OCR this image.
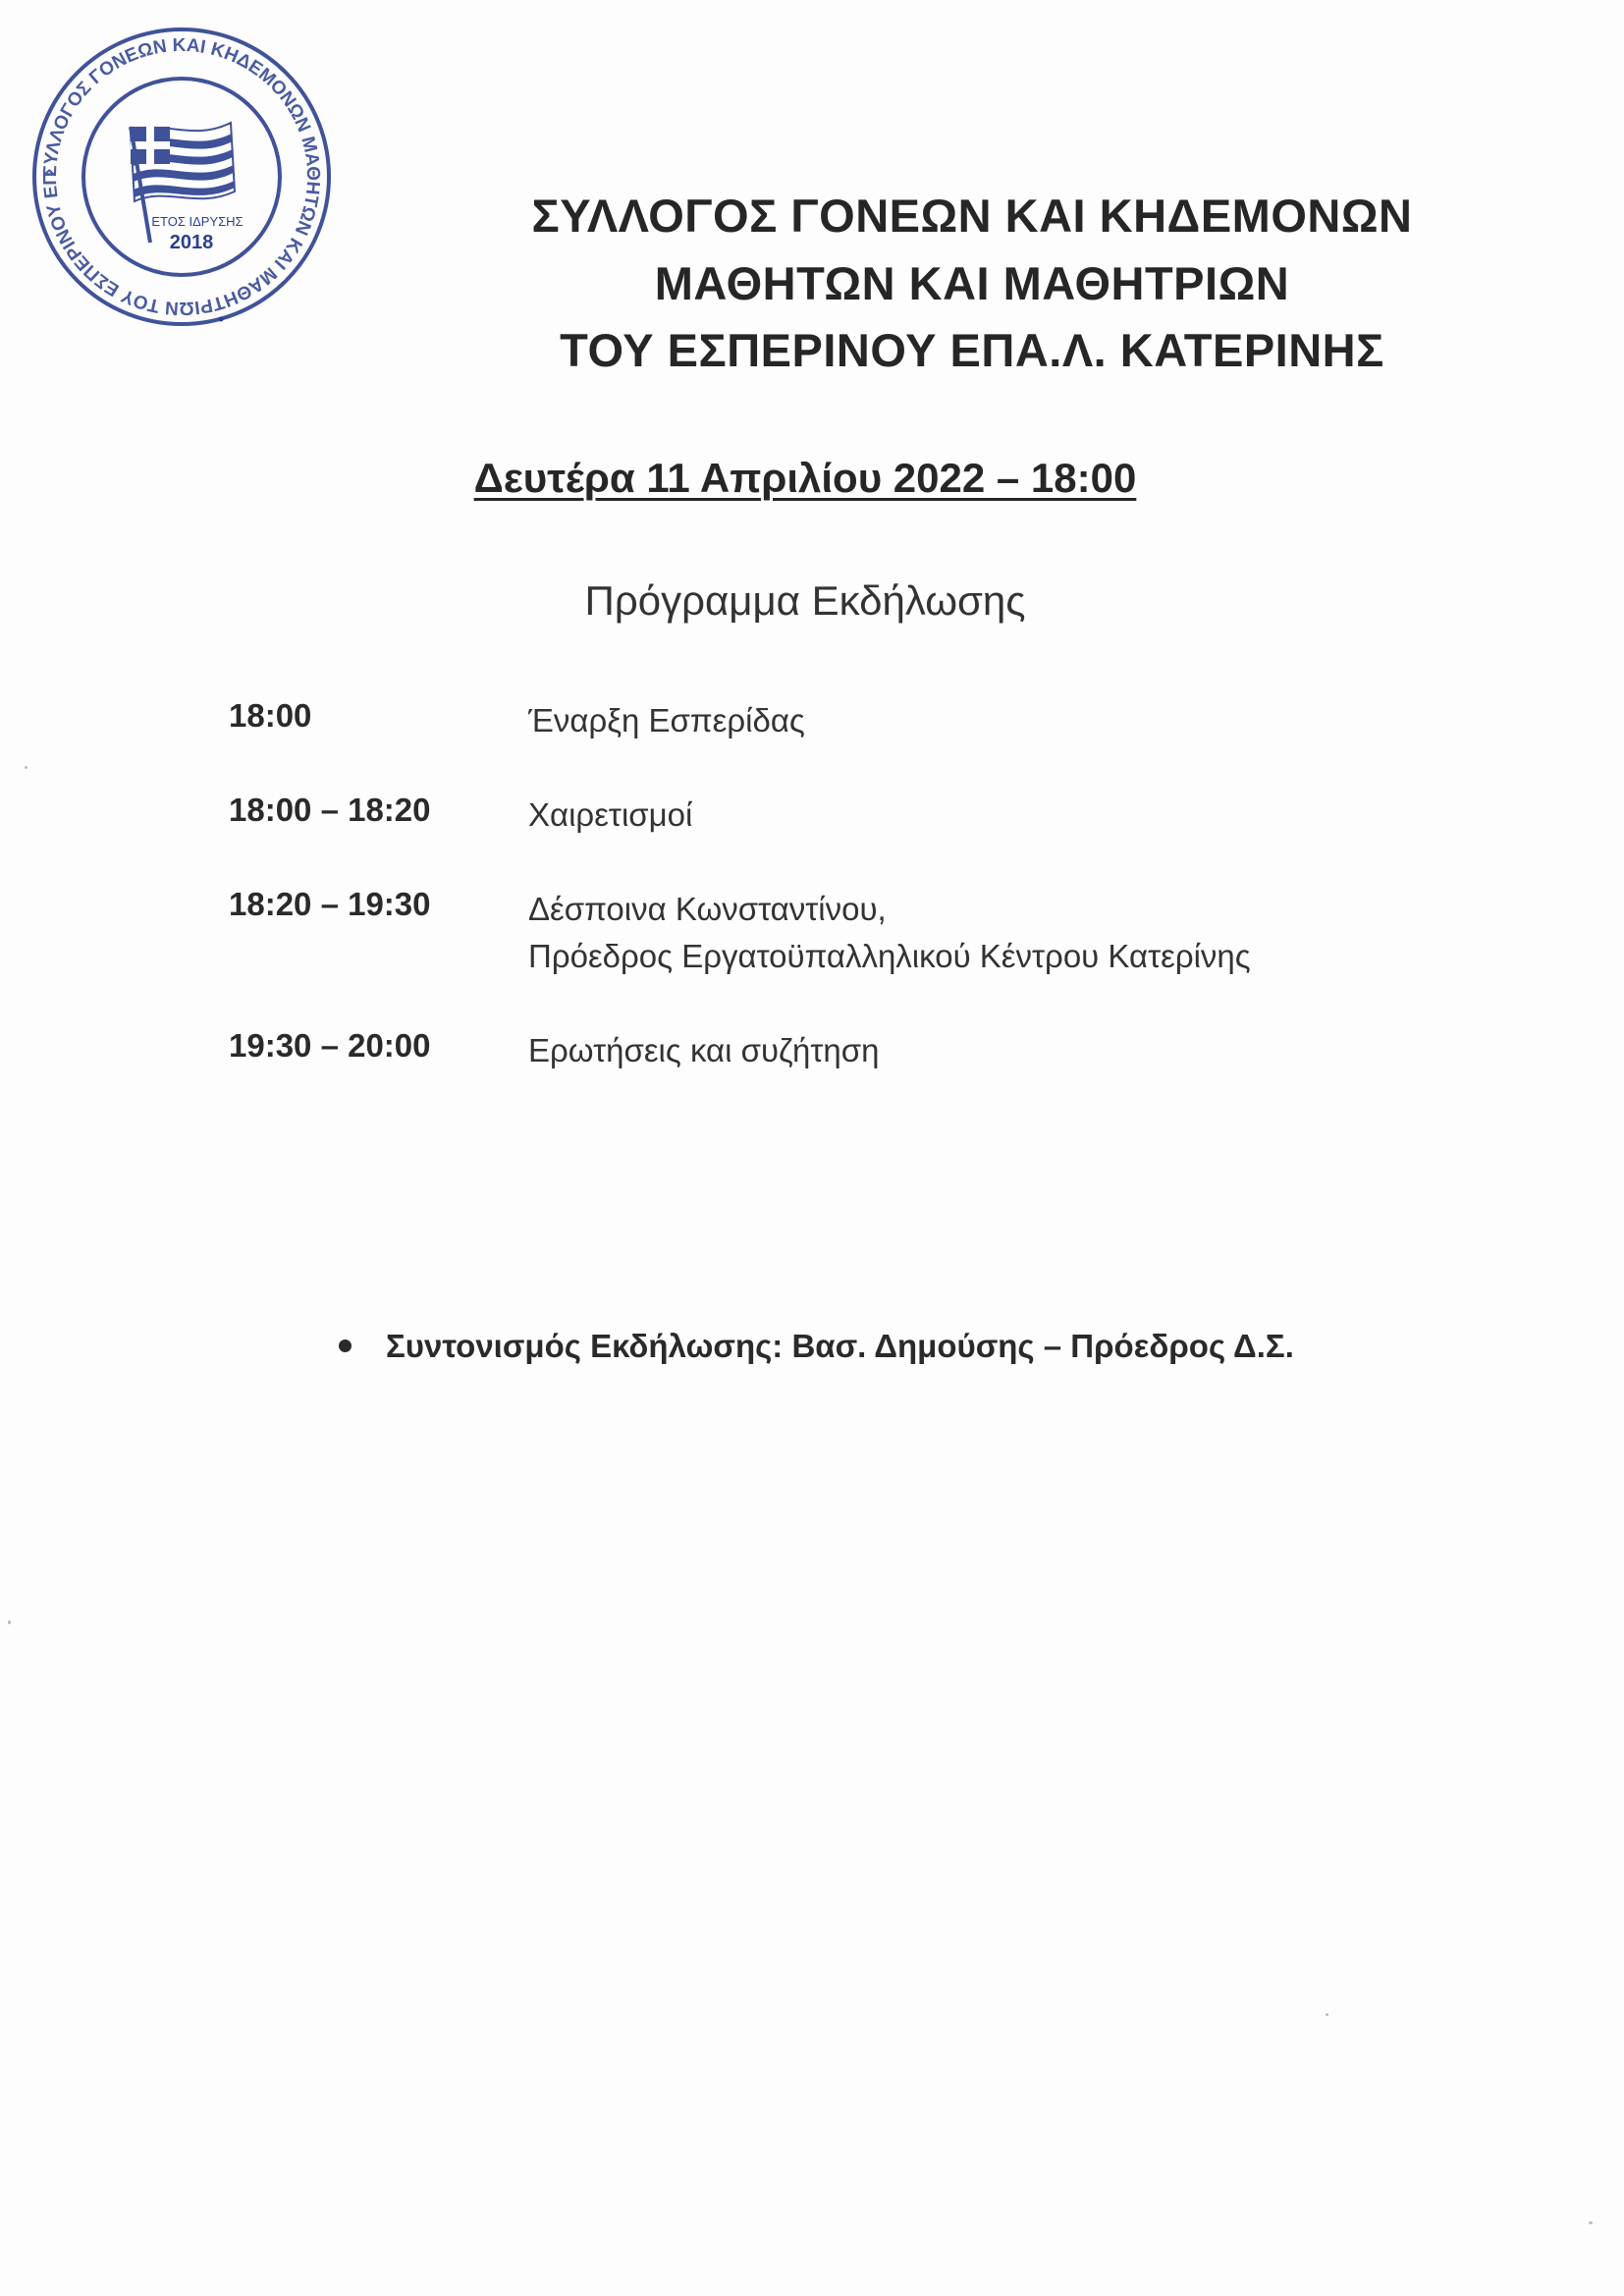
ΣΥΛΛΟΓΟΣ ΓΟΝΕΩΝ ΚΑΙ ΚΗΔΕΜΟΝΩΝ ΜΑΘΗΤΩΝ ΚΑΙ ΜΑΘΗΤΡΙΩΝ ΤΟΥ ΕΣΠΕΡΙΝΟΥ ΕΠ
ΕΤΟΣ ΙΔΡΥΣΗΣ
2018
ΣΥΛΛΟΓΟΣ ΓΟΝΕΩΝ ΚΑΙ ΚΗΔΕΜΟΝΩΝ
ΜΑΘΗΤΩΝ ΚΑΙ ΜΑΘΗΤΡΙΩΝ
ΤΟΥ ΕΣΠΕΡΙΝΟΥ ΕΠΑ.Λ. ΚΑΤΕΡΙΝΗΣ
Δευτέρα 11 Απριλίου 2022 – 18:00
Πρόγραμμα Εκδήλωσης
18:00	Έναρξη Εσπερίδας
18:00 – 18:20	Χαιρετισμοί
18:20 – 19:30	Δέσποινα Κωνσταντίνου,
Πρόεδρος Εργατοϋπαλληλικού Κέντρου Κατερίνης
19:30 – 20:00	Ερωτήσεις και συζήτηση
Συντονισμός Εκδήλωσης: Βασ. Δημούσης – Πρόεδρος Δ.Σ.
